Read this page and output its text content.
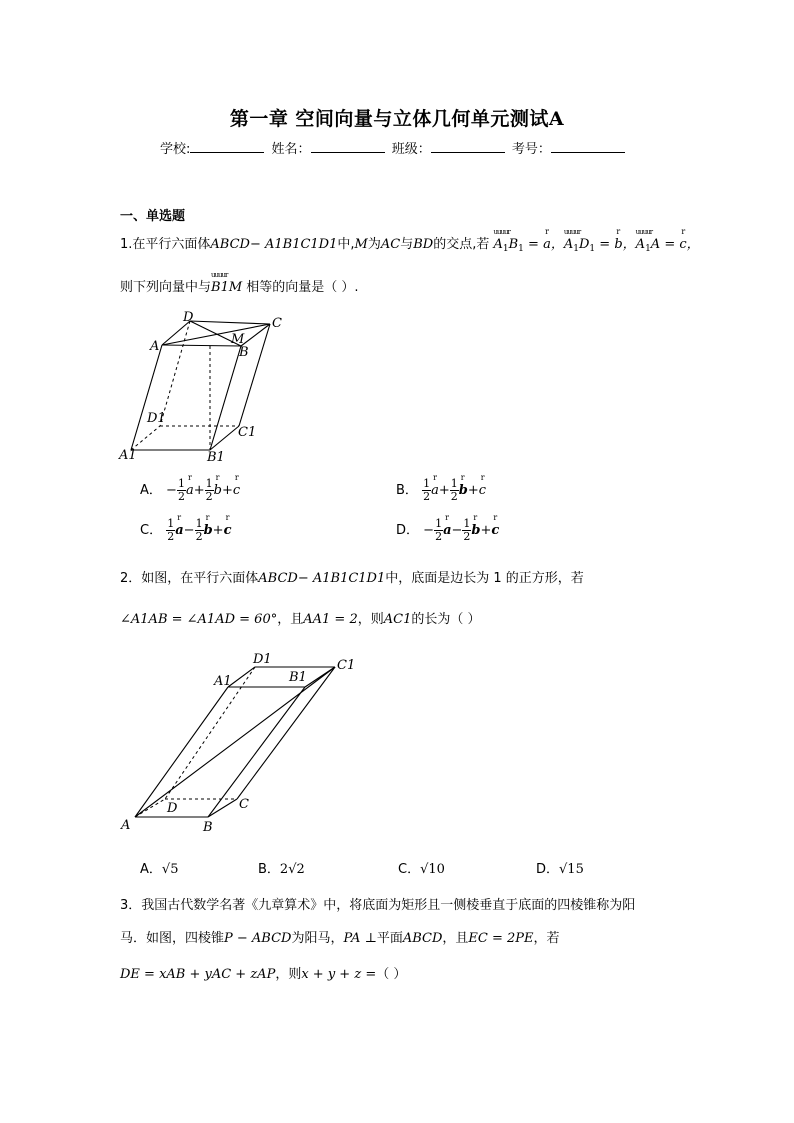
第一章 空间向量与立体几何单元测试A
学校:	姓名：	班级：	考号：
一、单选题
1.在平行六面体ABCD− A1B1C1D1中,M为AC与BD的交点,若 uuuur $A_1B_1 = r$ a，uuuur $A_1D_1 = r$ b，uuuur $A_1A = r$ c，
则下列向量中与uuuur B1M 相等的向量是（ ）.
D	C
A	M
B
D1
C1
A1	B1
A． − $\frac{1}{2}$ r $a+ \frac{1}{2}$ r b+r c	B． $\frac{1}{2}$ r $a+ \frac{1}{2}$ r b+r c
C． $\frac{1}{2}$ r $a- \frac{1}{2}$ r b+r c	D． − $\frac{1}{2}$ r $a- \frac{1}{2}$ r b+r c
2．如图，在平行六面体ABCD− A1B1C1D1中，底面是边长为 1 的正方形，若
∠A1AB = ∠A1AD = 60°，且AA1 = 2，则AC1的长为（ ）
D1	C1
A1	B1
D	C
A	B
A．√5	B．2√2	C．√10	D．√15
3．我国古代数学名著《九章算术》中，将底面为矩形且一侧棱垂直于底面的四棱锥称为阳
马．如图，四棱锥P − ABCD为阳马，PA ⊥平面ABCD，且EC = 2PE，若
DE = xAB + yAC + zAP，则x + y + z =（ ）
